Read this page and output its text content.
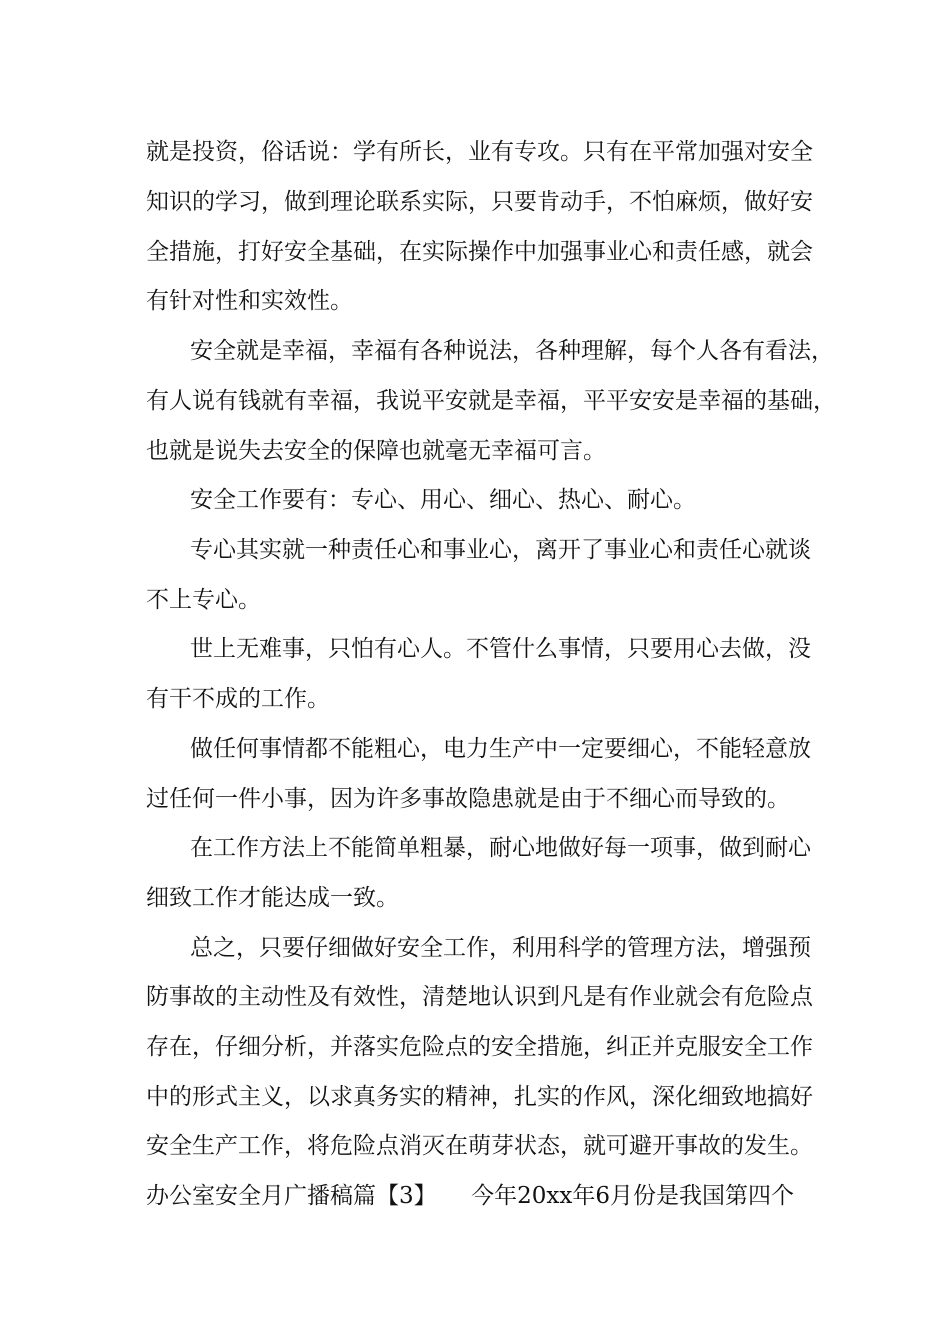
就是投资，俗话说：学有所长，业有专攻。只有在平常加强对安全
知识的学习，做到理论联系实际，只要肯动手，不怕麻烦，做好安
全措施，打好安全基础，在实际操作中加强事业心和责任感，就会
有针对性和实效性。
安全就是幸福，幸福有各种说法，各种理解，每个人各有看法，
有人说有钱就有幸福，我说平安就是幸福，平平安安是幸福的基础，
也就是说失去安全的保障也就毫无幸福可言。
安全工作要有：专心、用心、细心、热心、耐心。
专心其实就一种责任心和事业心，离开了事业心和责任心就谈
不上专心。
世上无难事，只怕有心人。不管什么事情，只要用心去做，没
有干不成的工作。
做任何事情都不能粗心，电力生产中一定要细心，不能轻意放
过任何一件小事，因为许多事故隐患就是由于不细心而导致的。
在工作方法上不能简单粗暴，耐心地做好每一项事，做到耐心
细致工作才能达成一致。
总之，只要仔细做好安全工作，利用科学的管理方法，增强预
防事故的主动性及有效性，清楚地认识到凡是有作业就会有危险点
存在，仔细分析，并落实危险点的安全措施，纠正并克服安全工作
中的形式主义，以求真务实的精神，扎实的作风，深化细致地搞好
安全生产工作，将危险点消灭在萌芽状态，就可避开事故的发生。
办公室安全月广播稿篇【3】　　今年20xx年6月份是我国第四个
